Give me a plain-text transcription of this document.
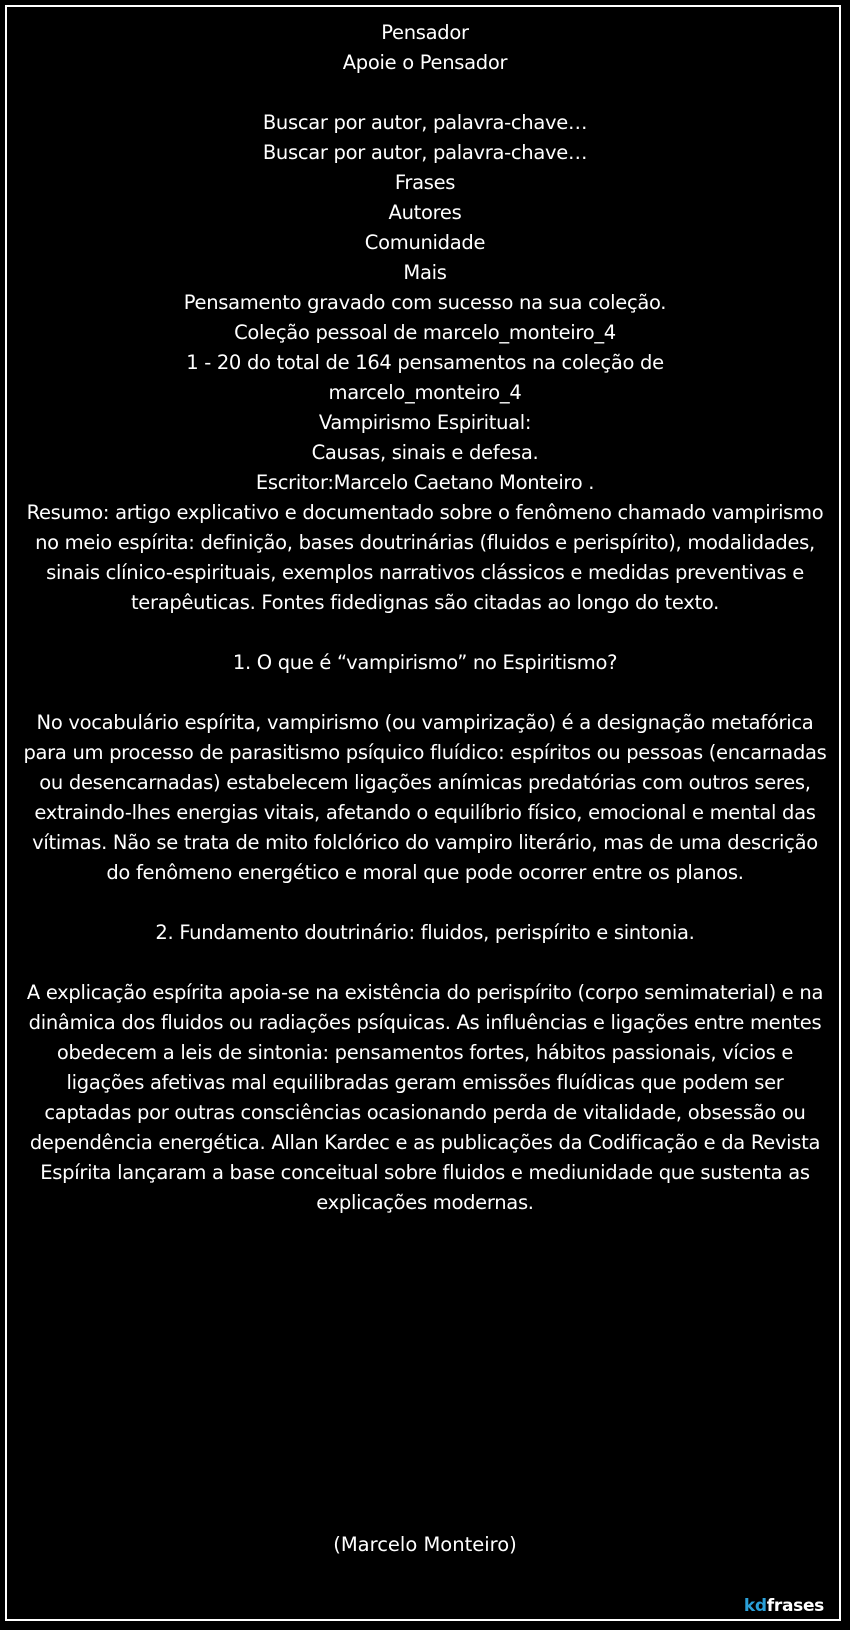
Pensador
Apoie o Pensador
Buscar por autor, palavra-chave…
Buscar por autor, palavra-chave…
Frases
Autores
Comunidade
Mais
Pensamento gravado com sucesso na sua coleção.
Coleção pessoal de marcelo_monteiro_4
1 - 20 do total de 164 pensamentos na coleção de
marcelo_monteiro_4
Vampirismo Espiritual:
Causas, sinais e defesa.
Escritor:Marcelo Caetano Monteiro .
Resumo: artigo explicativo e documentado sobre o fenômeno chamado vampirismo no meio espírita: definição, bases doutrinárias (fluidos e perispírito), modalidades, sinais clínico-espirituais, exemplos narrativos clássicos e medidas preventivas e terapêuticas. Fontes fidedignas são citadas ao longo do texto.
1. O que é “vampirismo” no Espiritismo?
No vocabulário espírita, vampirismo (ou vampirização) é a designação metafórica para um processo de parasitismo psíquico fluídico: espíritos ou pessoas (encarnadas ou desencarnadas) estabelecem ligações anímicas predatórias com outros seres, extraindo-lhes energias vitais, afetando o equilíbrio físico, emocional e mental das vítimas. Não se trata de mito folclórico do vampiro literário, mas de uma descrição do fenômeno energético e moral que pode ocorrer entre os planos.
2. Fundamento doutrinário: fluidos, perispírito e sintonia.
A explicação espírita apoia-se na existência do perispírito (corpo semimaterial) e na dinâmica dos fluidos ou radiações psíquicas. As influências e ligações entre mentes obedecem a leis de sintonia: pensamentos fortes, hábitos passionais, vícios e ligações afetivas mal equilibradas geram emissões fluídicas que podem ser captadas por outras consciências ocasionando perda de vitalidade, obsessão ou dependência energética. Allan Kardec e as publicações da Codificação e da Revista Espírita lançaram a base conceitual sobre fluidos e mediunidade que sustenta as explicações modernas.
(Marcelo Monteiro)
kdfrases
